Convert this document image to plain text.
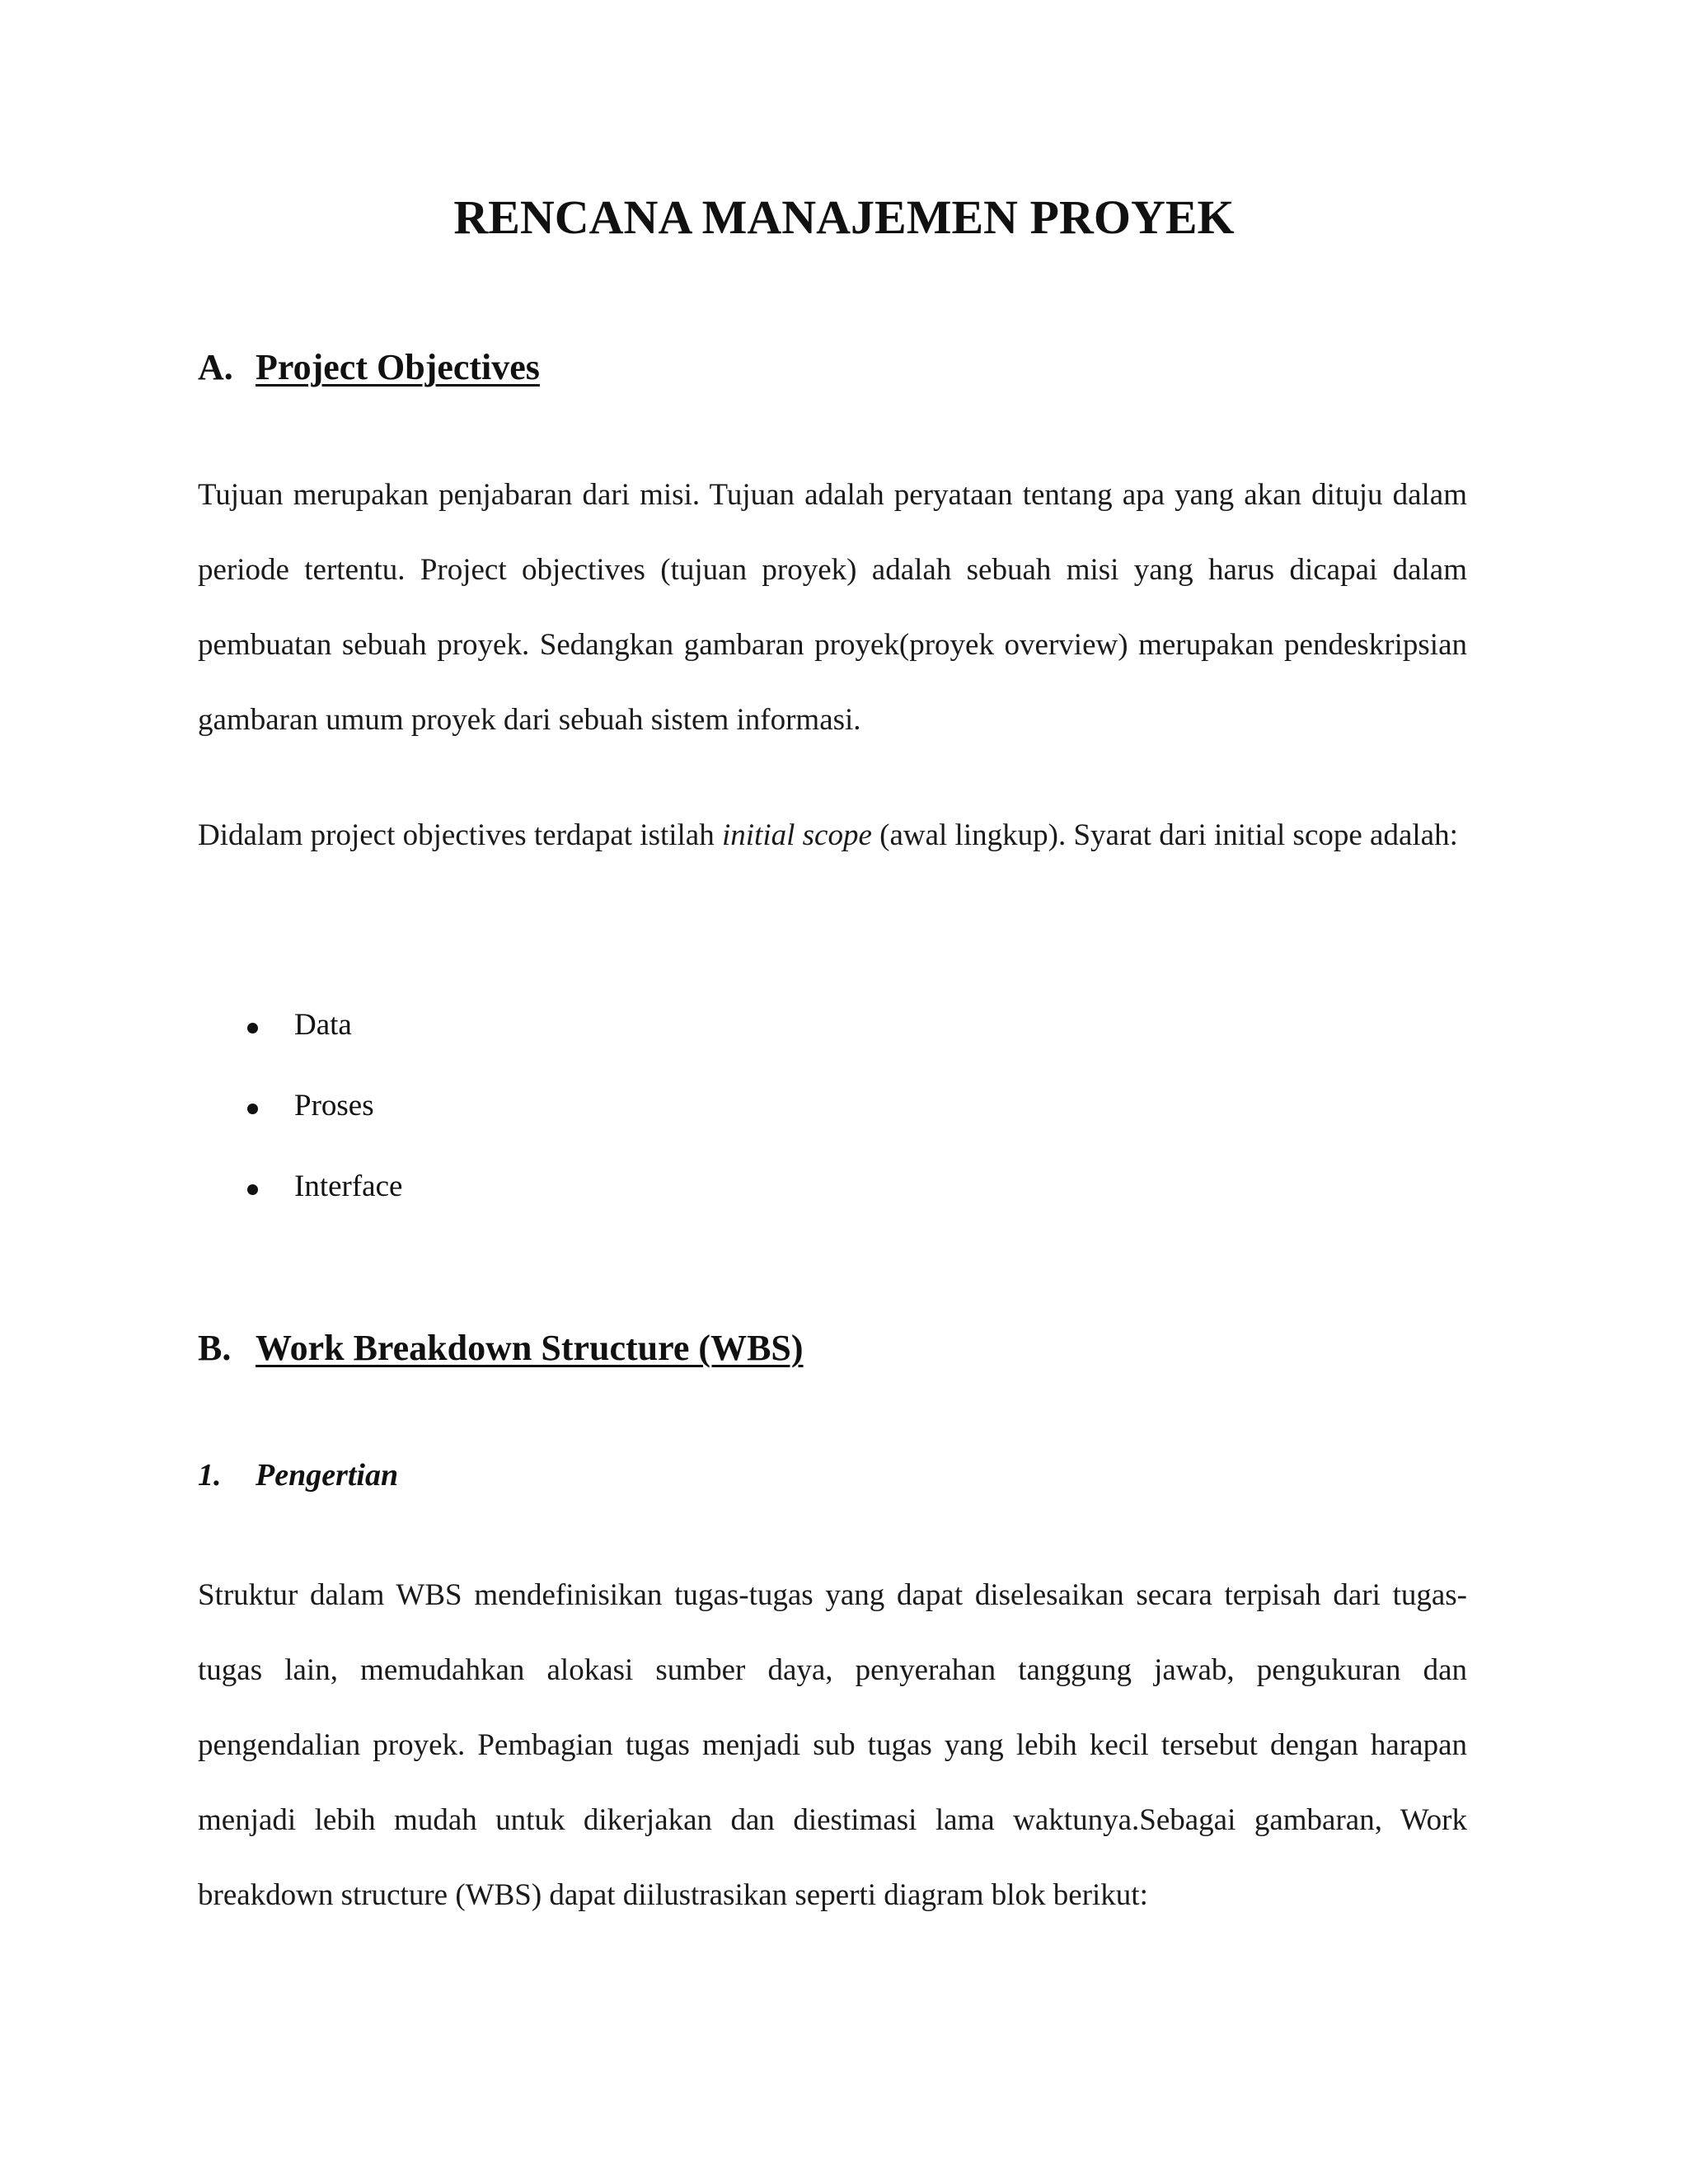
RENCANA MANAJEMEN PROYEK
A. Project Objectives

Tujuan merupakan penjabaran dari misi. Tujuan adalah peryataan tentang apa yang akan dituju dalam periode tertentu. Project objectives (tujuan proyek) adalah sebuah misi yang harus dicapai dalam pembuatan sebuah proyek. Sedangkan gambaran proyek(proyek overview) merupakan pendeskripsian gambaran umum proyek dari sebuah sistem informasi.

Didalam project objectives terdapat istilah initial scope (awal lingkup). Syarat dari initial scope adalah:

Data
Proses
Interface
B. Work Breakdown Structure (WBS)
1.	Pengertian

Struktur dalam WBS mendefinisikan tugas-tugas yang dapat diselesaikan secara terpisah dari tugas-tugas lain, memudahkan alokasi sumber daya, penyerahan tanggung jawab, pengukuran dan pengendalian proyek. Pembagian tugas menjadi sub tugas yang lebih kecil tersebut dengan harapan menjadi lebih mudah untuk dikerjakan dan diestimasi lama waktunya.Sebagai gambaran, Work breakdown structure (WBS) dapat diilustrasikan seperti diagram blok berikut:
